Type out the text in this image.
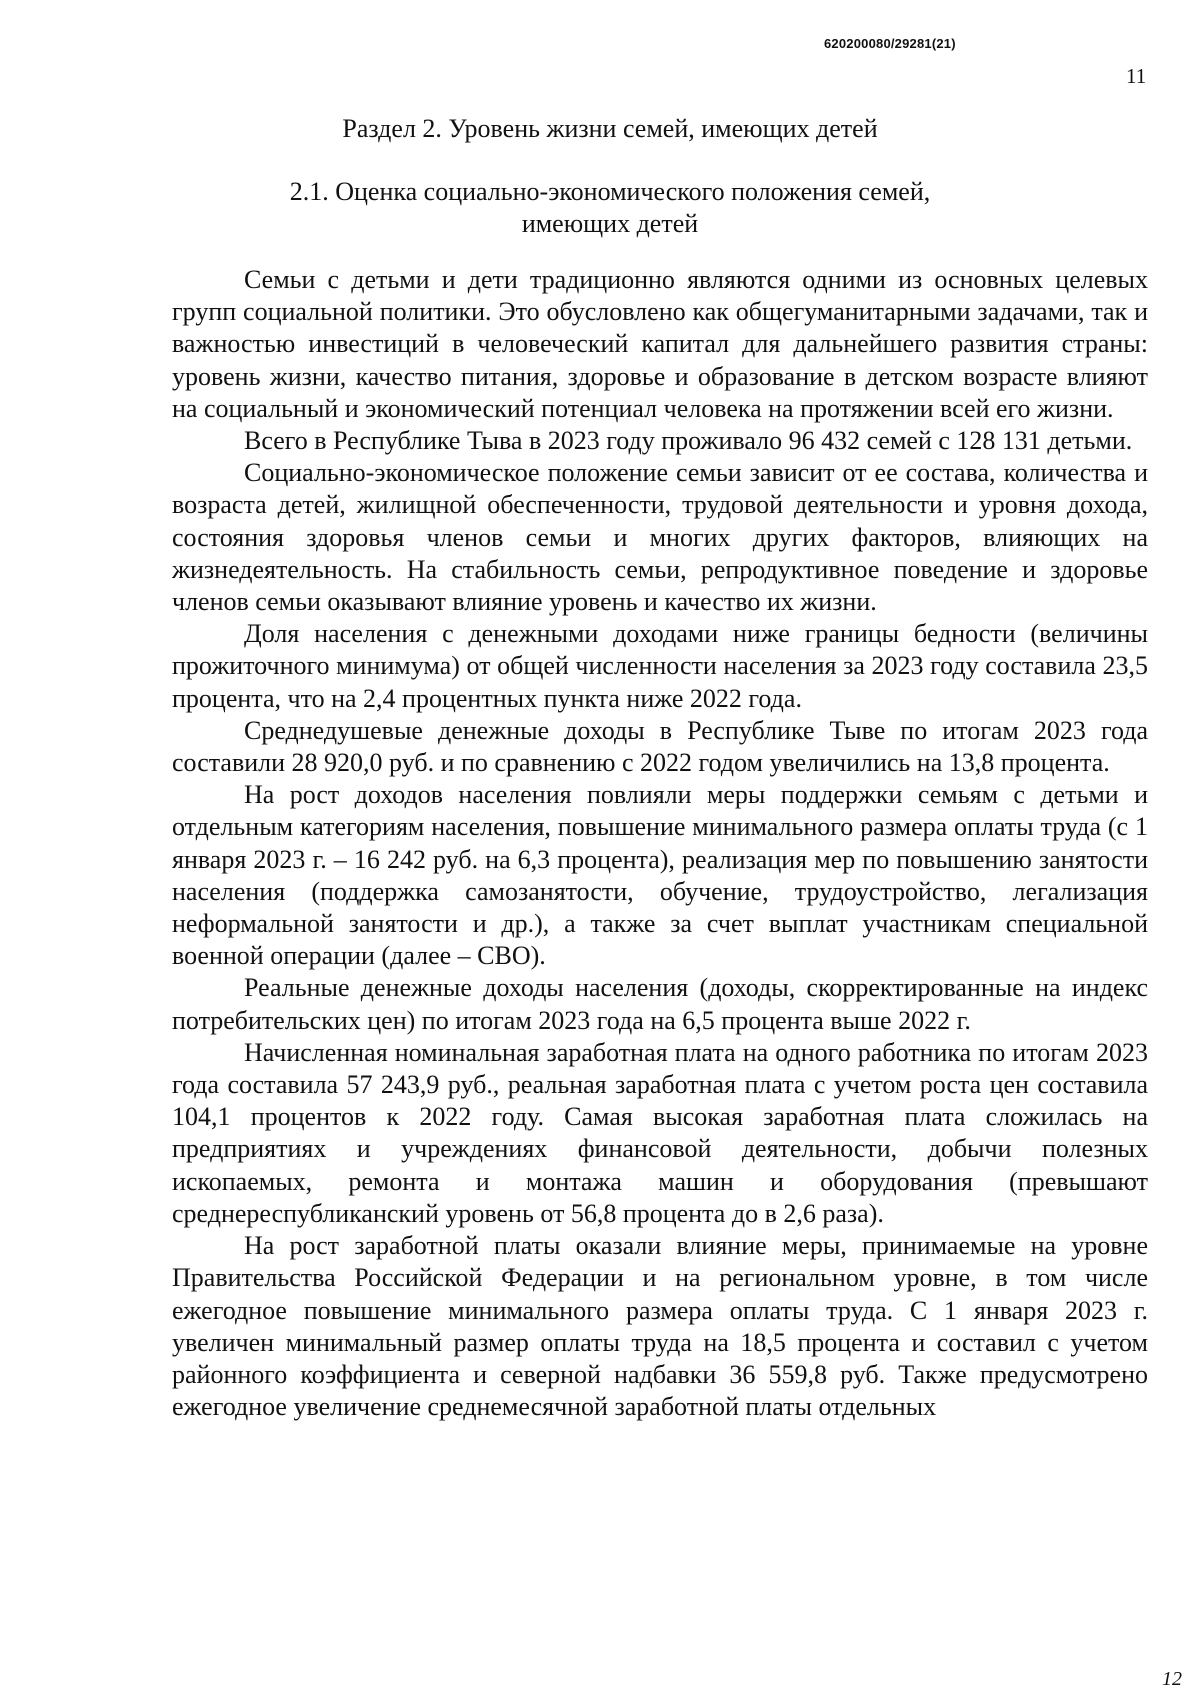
620200080/29281(21)
11
Раздел 2. Уровень жизни семей, имеющих детей
2.1. Оценка социально-экономического положения семей,
имеющих детей

Семьи с детьми и дети традиционно являются одними из основных целевых групп социальной политики. Это обусловлено как общегуманитарными задачами, так и важностью инвестиций в человеческий капитал для дальнейшего развития страны: уровень жизни, качество питания, здоровье и образование в детском возрасте влияют на социальный и экономический потенциал человека на протяжении всей его жизни.

Всего в Республике Тыва в 2023 году проживало 96 432 семей с 128 131 детьми.

Социально-экономическое положение семьи зависит от ее состава, количества и возраста детей, жилищной обеспеченности, трудовой деятельности и уровня дохода, состояния здоровья членов семьи и многих других факторов, влияющих на жизнедеятельность. На стабильность семьи, репродуктивное поведение и здоровье членов семьи оказывают влияние уровень и качество их жизни.

Доля населения с денежными доходами ниже границы бедности (величины прожиточного минимума) от общей численности населения за 2023 году составила 23,5 процента, что на 2,4 процентных пункта ниже 2022 года.

Среднедушевые денежные доходы в Республике Тыве по итогам 2023 года составили 28 920,0 руб. и по сравнению с 2022 годом увеличились на 13,8 процента.

На рост доходов населения повлияли меры поддержки семьям с детьми и отдельным категориям населения, повышение минимального размера оплаты труда (с 1 января 2023 г. – 16 242 руб. на 6,3 процента), реализация мер по повышению занятости населения (поддержка самозанятости, обучение, трудоустройство, легализация неформальной занятости и др.), а также за счет выплат участникам специальной военной операции (далее – СВО).

Реальные денежные доходы населения (доходы, скорректированные на индекс потребительских цен) по итогам 2023 года на 6,5 процента выше 2022 г.

Начисленная номинальная заработная плата на одного работника по итогам 2023 года составила 57 243,9 руб., реальная заработная плата с учетом роста цен составила 104,1 процентов к 2022 году. Самая высокая заработная плата сложилась на предприятиях и учреждениях финансовой деятельности, добычи полезных ископаемых, ремонта и монтажа машин и оборудования (превышают среднереспубликанский уровень от 56,8 процента до в 2,6 раза).

На рост заработной платы оказали влияние меры, принимаемые на уровне Правительства Российской Федерации и на региональном уровне, в том числе ежегодное повышение минимального размера оплаты труда. С 1 января 2023 г. увеличен минимальный размер оплаты труда на 18,5 процента и составил с учетом районного коэффициента и северной надбавки 36 559,8 руб. Также предусмотрено ежегодное увеличение среднемесячной заработной платы отдельных

12
